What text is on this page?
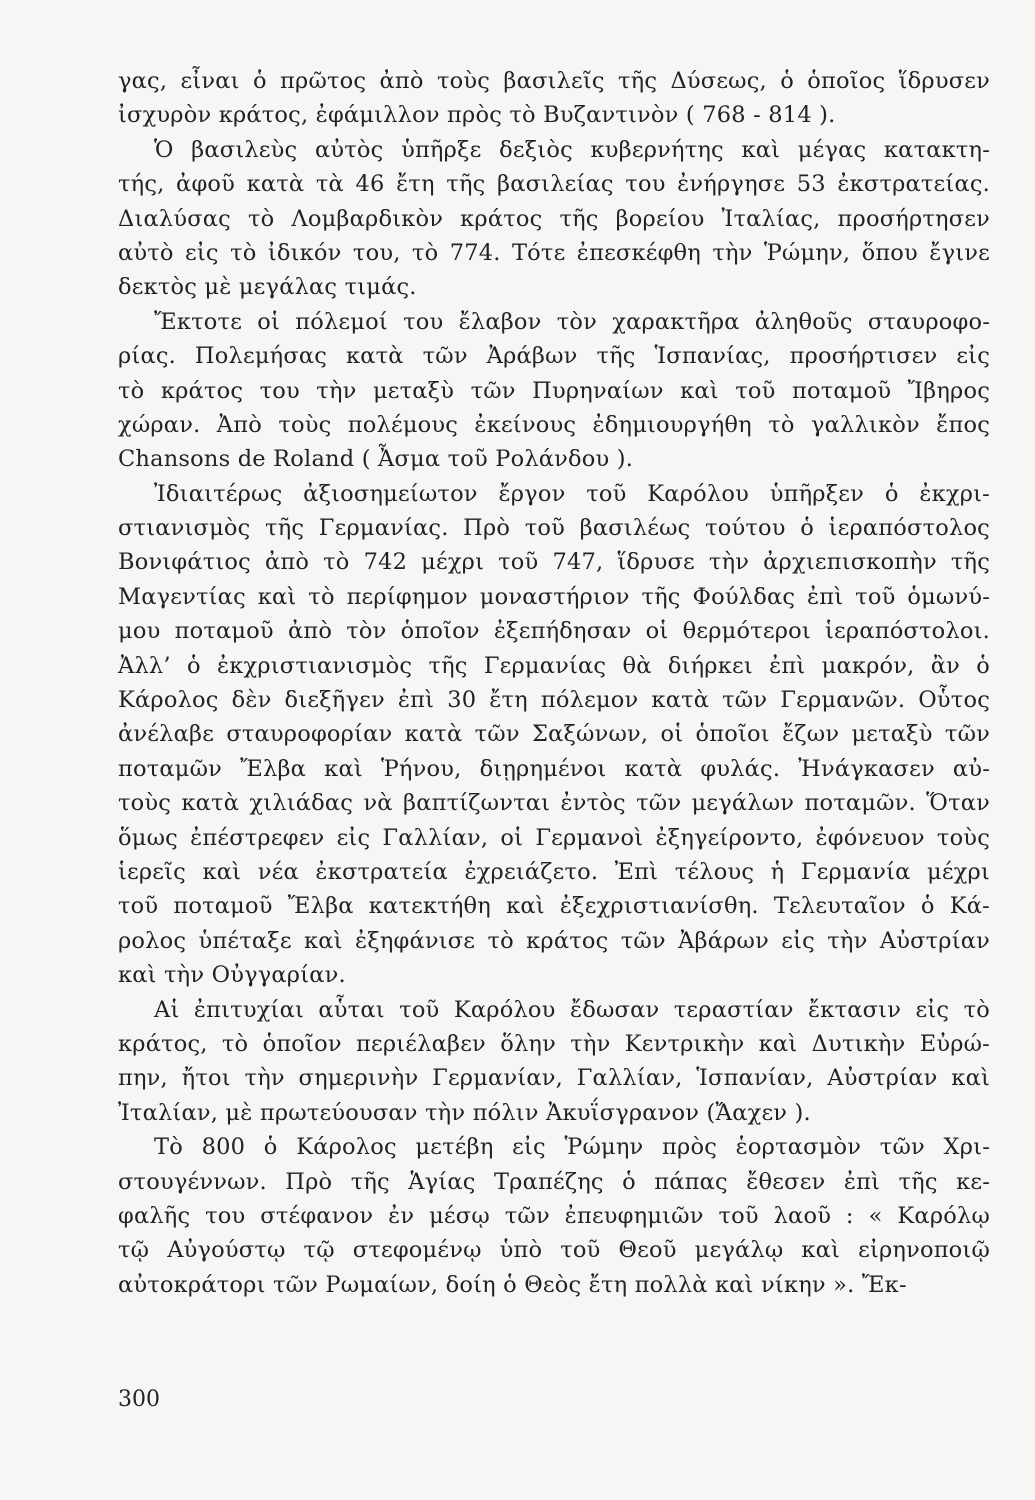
γας, εἶναι ὁ πρῶτος ἀπὸ τοὺς βασιλεῖς τῆς Δύσεως, ὁ ὁποῖος ἵδρυσεν
ἰσχυρὸν κράτος, ἐφάμιλλον πρὸς τὸ Βυζαντινὸν ( 768 - 814 ).
Ὁ βασιλεὺς αὐτὸς ὑπῆρξε δεξιὸς κυβερνήτης καὶ μέγας κατακτη-
τής, ἀφοῦ κατὰ τὰ 46 ἔτη τῆς βασιλείας του ἐνήργησε 53 ἐκστρατείας.
Διαλύσας τὸ Λομβαρδικὸν κράτος τῆς βορείου Ἰταλίας, προσήρτησεν
αὐτὸ εἰς τὸ ἰδικόν του, τὸ 774. Τότε ἐπεσκέφθη τὴν Ῥώμην, ὅπου ἔγινε
δεκτὸς μὲ μεγάλας τιμάς.
Ἔκτοτε οἱ πόλεμοί του ἔλαβον τὸν χαρακτῆρα ἀληθοῦς σταυροφο-
ρίας. Πολεμήσας κατὰ τῶν Ἀράβων τῆς Ἱσπανίας, προσήρτισεν εἰς
τὸ κράτος του τὴν μεταξὺ τῶν Πυρηναίων καὶ τοῦ ποταμοῦ Ἴβηρος
χώραν. Ἀπὸ τοὺς πολέμους ἐκείνους ἐδημιουργήθη τὸ γαλλικὸν ἔπος
Chansons de Roland ( Ἆσμα τοῦ Ρολάνδου ).
Ἰδιαιτέρως ἀξιοσημείωτον ἔργον τοῦ Καρόλου ὑπῆρξεν ὁ ἐκχρι-
στιανισμὸς τῆς Γερμανίας. Πρὸ τοῦ βασιλέως τούτου ὁ ἱεραπόστολος
Βονιφάτιος ἀπὸ τὸ 742 μέχρι τοῦ 747, ἵδρυσε τὴν ἀρχιεπισκοπὴν τῆς
Μαγεντίας καὶ τὸ περίφημον μοναστήριον τῆς Φούλδας ἐπὶ τοῦ ὁμωνύ-
μου ποταμοῦ ἀπὸ τὸν ὁποῖον ἐξεπήδησαν οἱ θερμότεροι ἱεραπόστολοι.
Ἀλλ’ ὁ ἐκχριστιανισμὸς τῆς Γερμανίας θὰ διήρκει ἐπὶ μακρόν, ἂν ὁ
Κάρολος δὲν διεξῆγεν ἐπὶ 30 ἔτη πόλεμον κατὰ τῶν Γερμανῶν. Οὗτος
ἀνέλαβε σταυροφορίαν κατὰ τῶν Σαξώνων, οἱ ὁποῖοι ἔζων μεταξὺ τῶν
ποταμῶν Ἔλβα καὶ Ῥήνου, διῃρημένοι κατὰ φυλάς. Ἠνάγκασεν αὐ-
τοὺς κατὰ χιλιάδας νὰ βαπτίζωνται ἐντὸς τῶν μεγάλων ποταμῶν. Ὅταν
ὅμως ἐπέστρεφεν εἰς Γαλλίαν, οἱ Γερμανοὶ ἐξηγείροντο, ἐφόνευον τοὺς
ἱερεῖς καὶ νέα ἐκστρατεία ἐχρειάζετο. Ἐπὶ τέλους ἡ Γερμανία μέχρι
τοῦ ποταμοῦ Ἔλβα κατεκτήθη καὶ ἐξεχριστιανίσθη. Τελευταῖον ὁ Κά-
ρολος ὑπέταξε καὶ ἐξηφάνισε τὸ κράτος τῶν Ἀβάρων εἰς τὴν Αὐστρίαν
καὶ τὴν Οὐγγαρίαν.
Αἱ ἐπιτυχίαι αὗται τοῦ Καρόλου ἔδωσαν τεραστίαν ἔκτασιν εἰς τὸ
κράτος, τὸ ὁποῖον περιέλαβεν ὅλην τὴν Κεντρικὴν καὶ Δυτικὴν Εὐρώ-
πην, ἤτοι τὴν σημερινὴν Γερμανίαν, Γαλλίαν, Ἱσπανίαν, Αὐστρίαν καὶ
Ἰταλίαν, μὲ πρωτεύουσαν τὴν πόλιν Ἀκυΐσγρανον (Ἄαχεν ).
Τὸ 800 ὁ Κάρολος μετέβη εἰς Ῥώμην πρὸς ἑορτασμὸν τῶν Χρι-
στουγέννων. Πρὸ τῆς Ἁγίας Τραπέζης ὁ πάπας ἔθεσεν ἐπὶ τῆς κε-
φαλῆς του στέφανον ἐν μέσῳ τῶν ἐπευφημιῶν τοῦ λαοῦ : « Καρόλῳ
τῷ Αὐγούστῳ τῷ στεφομένῳ ὑπὸ τοῦ Θεοῦ μεγάλῳ καὶ εἰρηνοποιῷ
αὐτοκράτορι τῶν Ρωμαίων, δοίη ὁ Θεὸς ἔτη πολλὰ καὶ νίκην ». Ἔκ-
300
